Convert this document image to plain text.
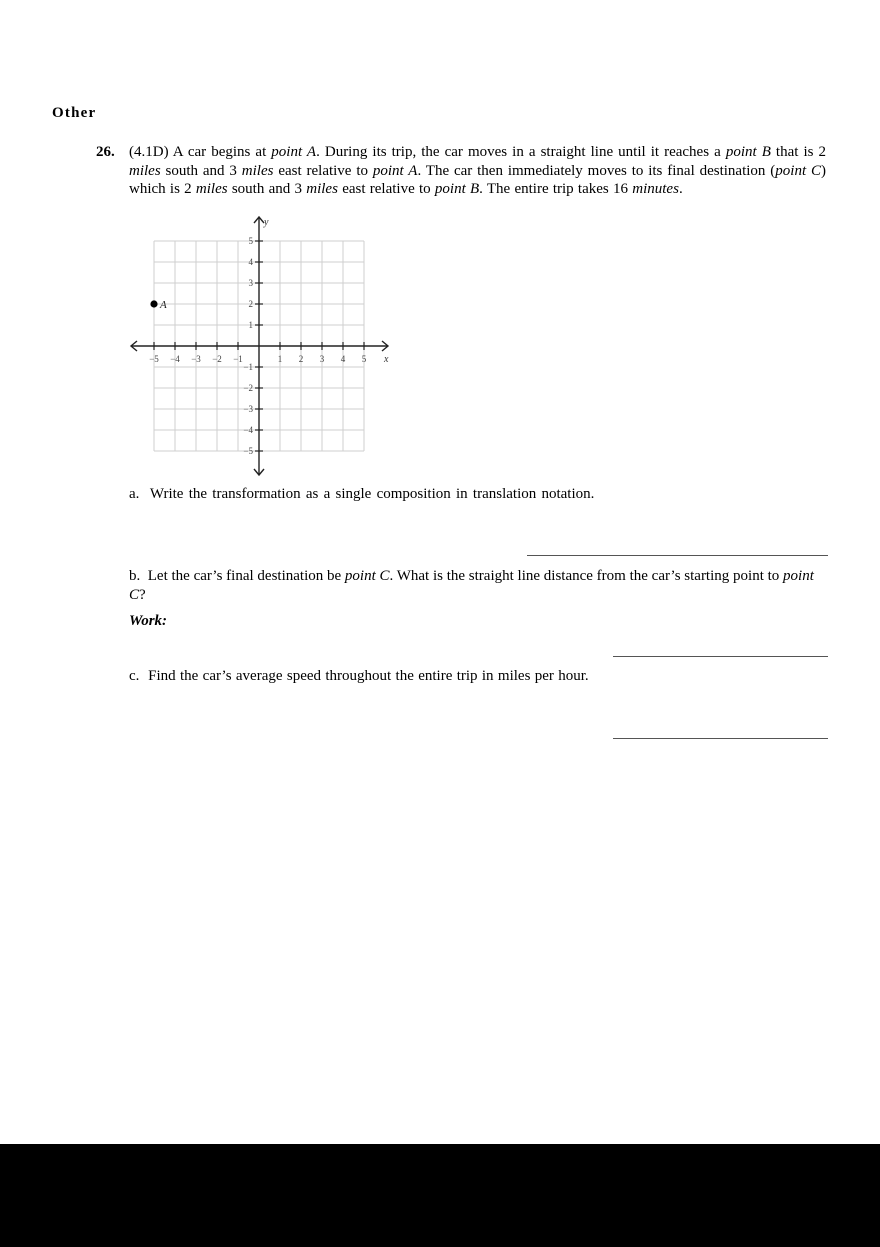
Other
26. (4.1D) A car begins at point A. During its trip, the car moves in a straight line until it reaches a point B that is 2 miles south and 3 miles east relative to point A. The car then immediately moves to its final destination (point C) which is 2 miles south and 3 miles east relative to point B. The entire trip takes 16 minutes.
−5 −4 −3 −2 −1	1 2 3 4 5
5
4
3
2
1
−1
−2
−3
−4
−5
x
y
A
a. Write the transformation as a single composition in translation notation.
b. Let the car’s final destination be point C. What is the straight line distance from the car’s starting point to point C?
Work:
c. Find the car’s average speed throughout the entire trip in miles per hour.
